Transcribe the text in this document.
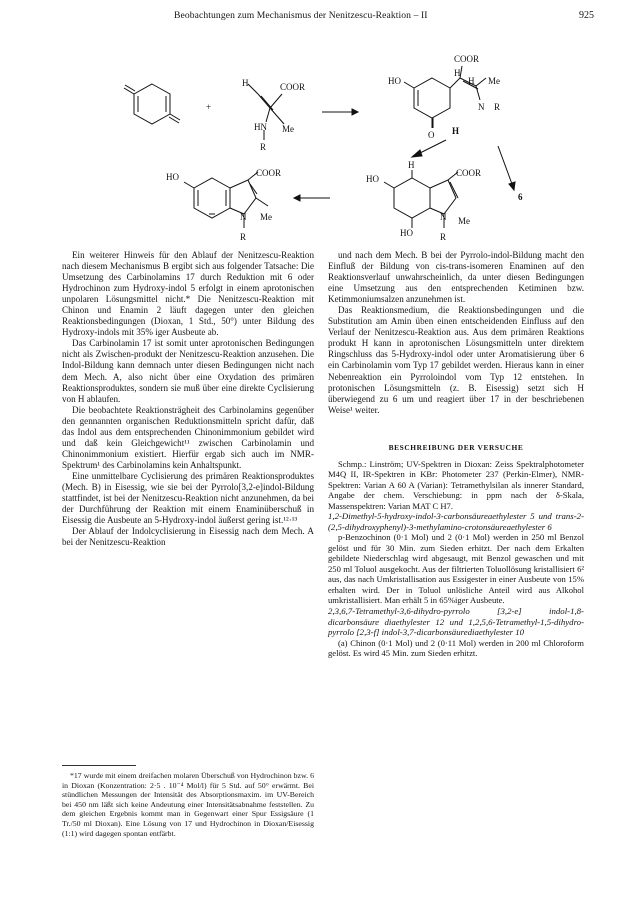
Beobachtungen zum Mechanismus der Nenitzescu-Reaktion – II	925
+
H	COOR
HN Me
R
COOR
H
H Me
HO
N R
O H
6
HO
H
COOR
N Me
HO	R
HO	COOR
N Me
R

Ein weiterer Hinweis für den Ablauf der Nenitzescu-Reaktion nach diesem Mechanismus B ergibt sich aus folgender Tatsache: Die Umsetzung des Carbinolamins 17 durch Reduktion mit 6 oder Hydrochinon zum Hydroxy-indol 5 erfolgt in einem aprotonischen unpolaren Lösungsmittel nicht.* Die Nenitzescu-Reaktion mit Chinon und Enamin 2 läuft dagegen unter den gleichen Reaktionsbedingungen (Dioxan, 1 Std., 50°) unter Bildung des Hydroxy-indols mit 35% iger Ausbeute ab.

Das Carbinolamin 17 ist somit unter aprotonischen Bedingungen nicht als Zwischen-produkt der Nenitzescu-Reaktion anzusehen. Die Indol-Bildung kann demnach unter diesen Bedingungen nicht nach dem Mech. A, also nicht über eine Oxydation des primären Reaktionsproduktes, sondern sie muß über eine direkte Cyclisierung von H ablaufen.

Die beobachtete Reaktionsträgheit des Carbinolamins gegenüber den gennannten organischen Reduktionsmitteln spricht dafür, daß das Indol aus dem entsprechenden Chinonimmonium gebildet wird und daß kein Gleichgewicht¹¹ zwischen Carbinolamin und Chinonimmonium existiert. Hierfür ergab sich auch im NMR-Spektrum¹ des Carbinolamins kein Anhaltspunkt.

Eine unmittelbare Cyclisierung des primären Reaktionsproduktes (Mech. B) in Eisessig, wie sie bei der Pyrrolo[3,2-e]indol-Bildung stattfindet, ist bei der Nenitzescu-Reaktion nicht anzunehmen, da bei der Durchführung der Reaktion mit einem Enaminüberschuß in Eisessig die Ausbeute an 5-Hydroxy-indol äußerst gering ist.¹²·¹³

Der Ablauf der Indolcyclisierung in Eisessig nach dem Mech. A bei der Nenitzescu-Reaktion

*17 wurde mit einem dreifachen molaren Überschuß von Hydrochinon bzw. 6 in Dioxan (Konzentration: 2·5 . 10⁻⁴ Mol/l) für 5 Std. auf 50° erwärmt. Bei stündlichen Messungen der Intensität des Absorptionsmaxim. im UV-Bereich bei 450 nm läßt sich keine Andeutung einer Intensitätsabnahme feststellen. Zu dem gleichen Ergebnis kommt man in Gegenwart einer Spur Essigsäure (1 Tr./50 ml Dioxan). Eine Lösung von 17 und Hydrochinon in Dioxan/Eisessig (1:1) wird dagegen spontan entfärbt.

und nach dem Mech. B bei der Pyrrolo-indol-Bildung macht den Einfluß der Bildung von cis-trans-isomeren Enaminen auf den Reaktionsverlauf unwahrscheinlich, da unter diesen Bedingungen eine Umsetzung aus den entsprechenden Ketiminen bzw. Ketimmoniumsalzen anzunehmen ist.

Das Reaktionsmedium, die Reaktionsbedingungen und die Substitution am Amin üben einen entscheidenden Einfluss auf den Verlauf der Nenitzescu-Reaktion aus. Aus dem primären Reaktions produkt H kann in aprotonischen Lösungsmitteln unter direktem Ringschluss das 5-Hydroxy-indol oder unter Aromatisierung über 6 ein Carbinolamin vom Typ 17 gebildet werden. Hieraus kann in einer Nebenreaktion ein Pyrroloindol vom Typ 12 entstehen. In protonischen Lösungsmitteln (z. B. Eisessig) setzt sich H überwiegend zu 6 um und reagiert über 17 in der beschriebenen Weise¹ weiter.

BESCHREIBUNG DER VERSUCHE

Schmp.: Linström; UV-Spektren in Dioxan: Zeiss Spektralphotometer M4Q II, IR-Spektren in KBr: Photometer 237 (Perkin-Elmer), NMR-Spektren: Varian A 60 A (Varian): Tetramethylsilan als innerer Standard, Angabe der chem. Verschiebung: in ppm nach der δ-Skala, Massenspektren: Varian MAT C H7.

1,2-Dimethyl-5-hydroxy-indol-3-carbonsäureaethylester 5 und trans-2-(2,5-dihydroxyphenyl)-3-methylamino-crotonsäureaethylester 6

p-Benzochinon (0·1 Mol) und 2 (0·1 Mol) werden in 250 ml Benzol gelöst und für 30 Min. zum Sieden erhitzt. Der nach dem Erkalten gebildete Niederschlag wird abgesaugt, mit Benzol gewaschen und mit 250 ml Toluol ausgekocht. Aus der filtrierten Toluollösung kristallisiert 6² aus, das nach Umkristallisation aus Essigester in einer Ausbeute von 15% erhalten wird. Der in Toluol unlösliche Anteil wird aus Alkohol umkristallisiert. Man erhält 5 in 65%iger Ausbeute.

2,3,6,7-Tetramethyl-3,6-dihydro-pyrrolo [3,2-e] indol-1,8-dicarbonsäure diaethylester 12 und 1,2,5,6-Tetramethyl-1,5-dihydro-pyrrolo [2,3-f] indol-3,7-dicarbonsäurediaethylester 10

(a) Chinon (0·1 Mol) und 2 (0·11 Mol) werden in 200 ml Chloroform gelöst. Es wird 45 Min. zum Sieden erhitzt.
